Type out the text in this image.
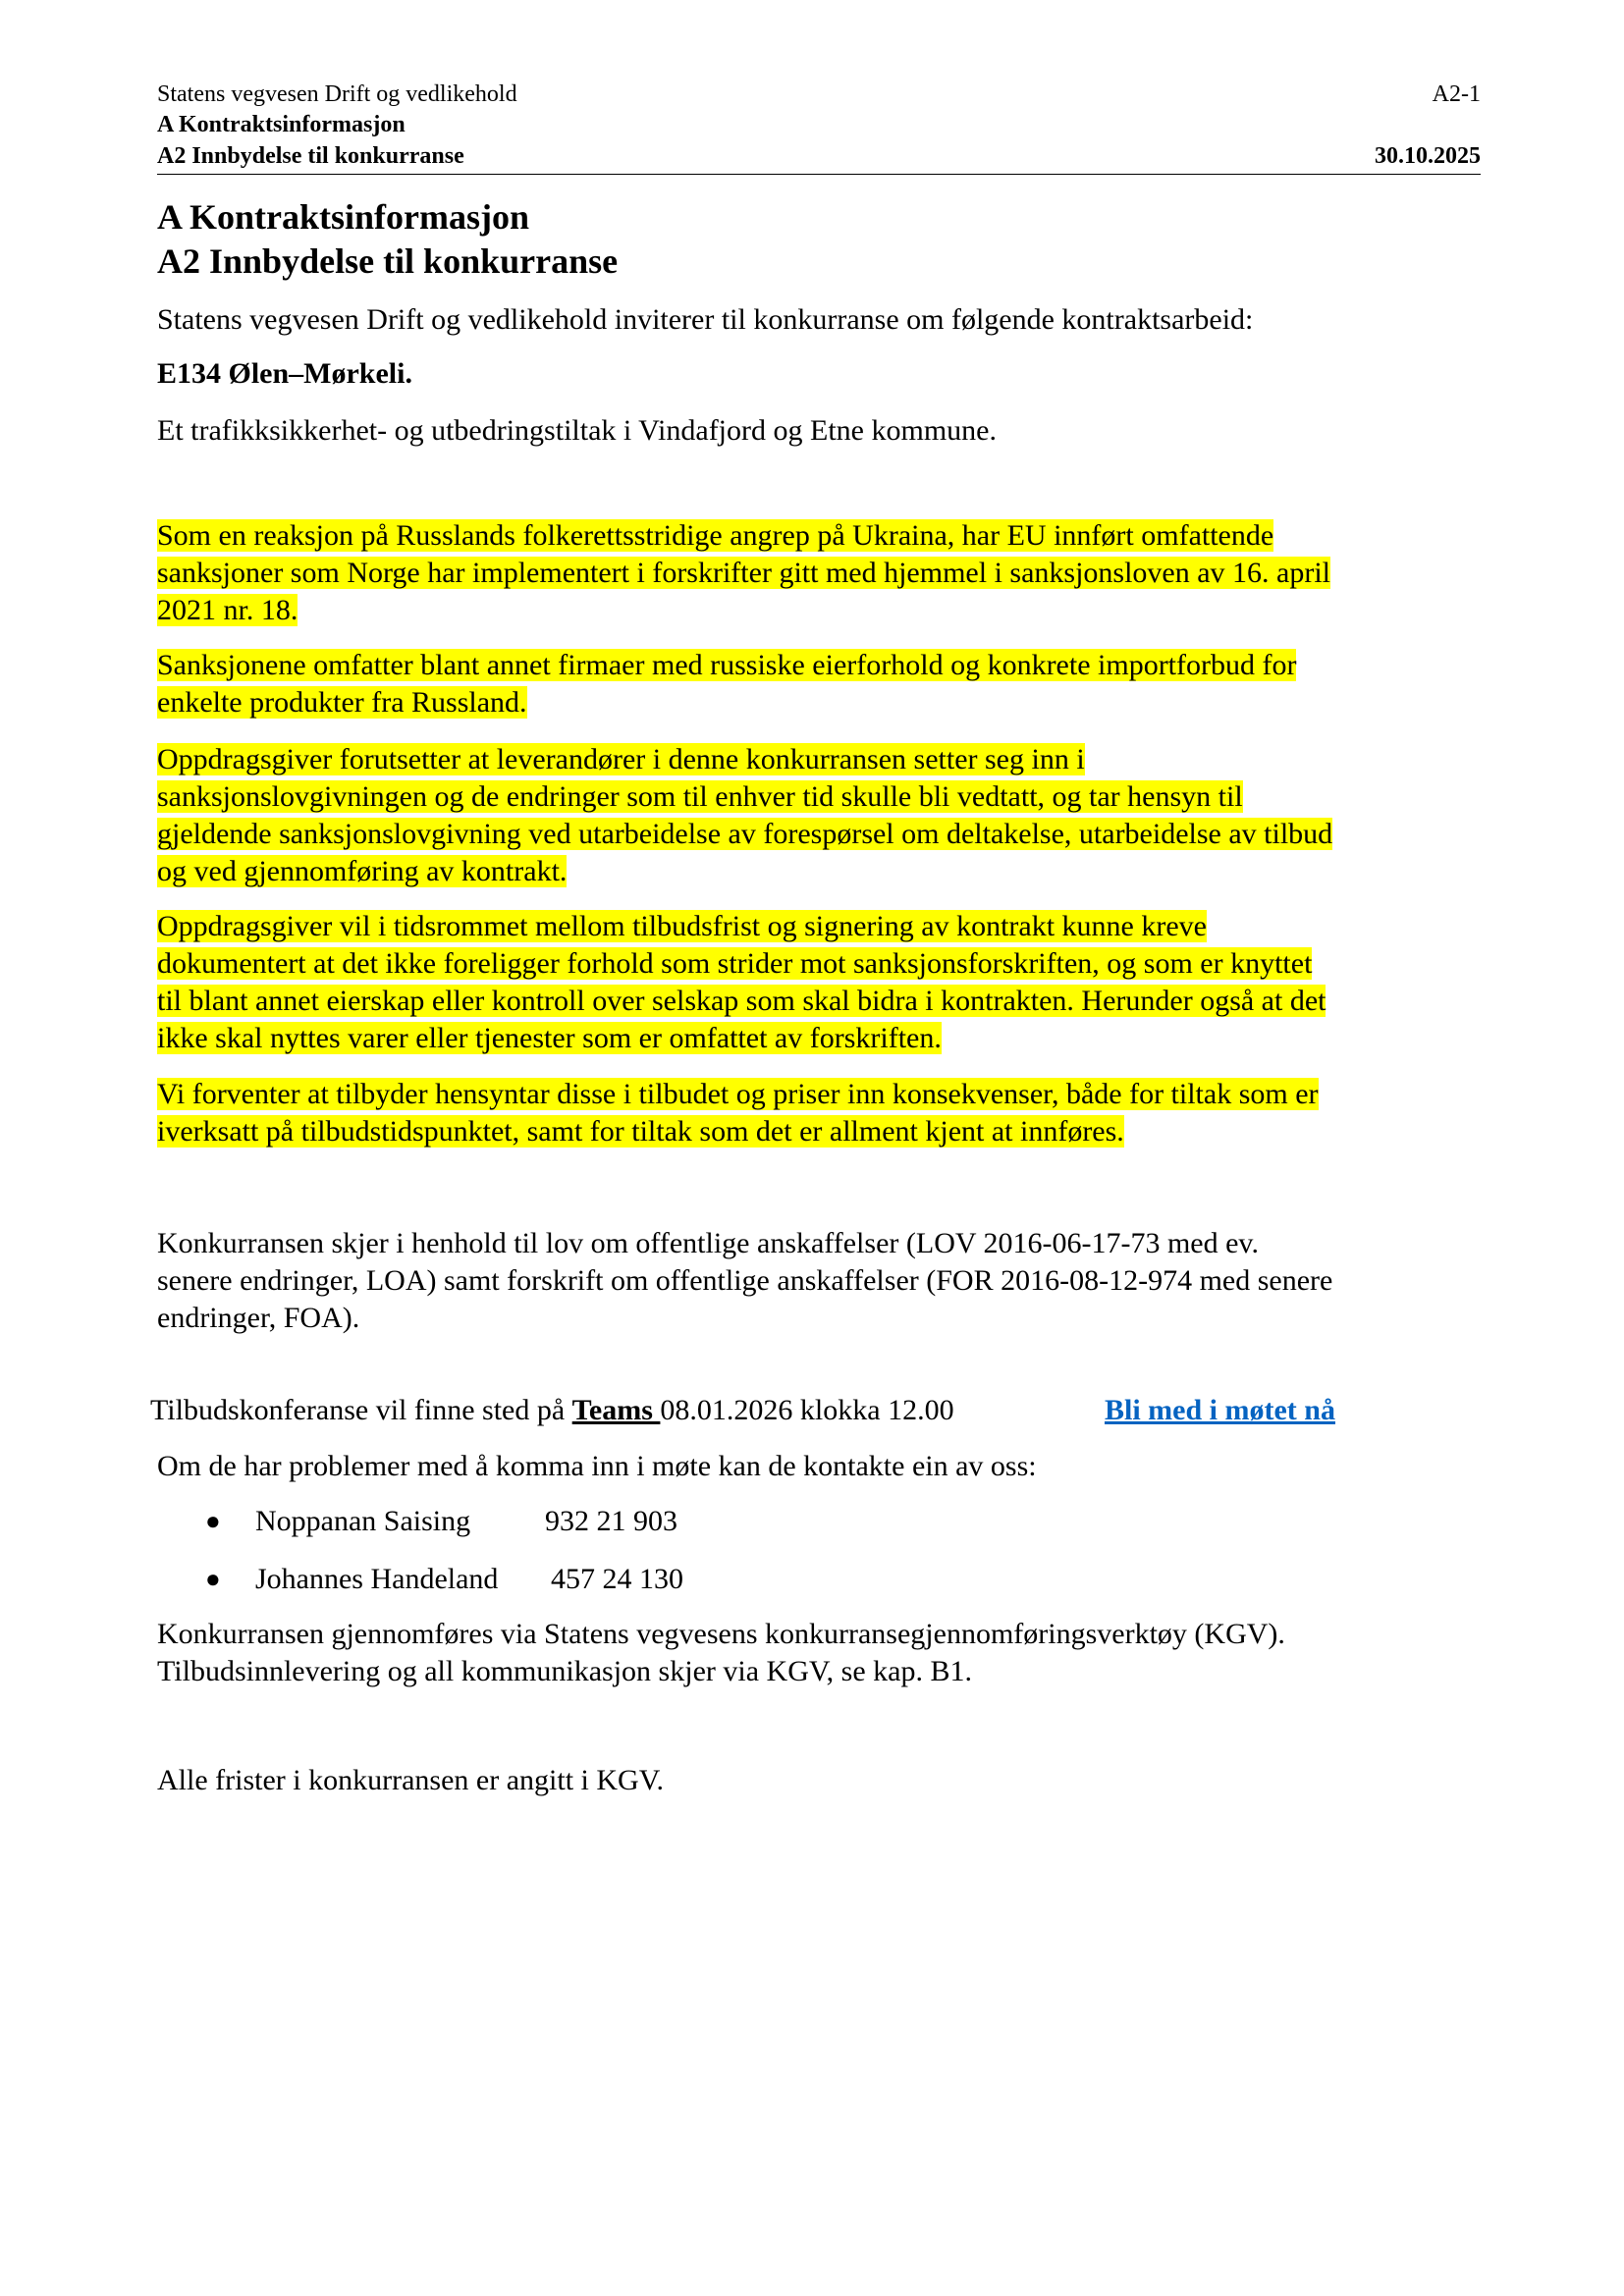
Statens vegvesen Drift og vedlikehold	A2-1
A Kontraktsinformasjon
A2 Innbydelse til konkurranse	30.10.2025
A Kontraktsinformasjon
A2 Innbydelse til konkurranse

Statens vegvesen Drift og vedlikehold inviterer til konkurranse om følgende kontraktsarbeid:

E134 Ølen–Mørkeli.

Et trafikksikkerhet- og utbedringstiltak i Vindafjord og Etne kommune.

Som en reaksjon på Russlands folkerettsstridige angrep på Ukraina, har EU innført omfattende
sanksjoner som Norge har implementert i forskrifter gitt med hjemmel i sanksjonsloven av 16. april
2021 nr. 18.

Sanksjonene omfatter blant annet firmaer med russiske eierforhold og konkrete importforbud for
enkelte produkter fra Russland.

Oppdragsgiver forutsetter at leverandører i denne konkurransen setter seg inn i
sanksjonslovgivningen og de endringer som til enhver tid skulle bli vedtatt, og tar hensyn til
gjeldende sanksjonslovgivning ved utarbeidelse av forespørsel om deltakelse, utarbeidelse av tilbud
og ved gjennomføring av kontrakt.

Oppdragsgiver vil i tidsrommet mellom tilbudsfrist og signering av kontrakt kunne kreve
dokumentert at det ikke foreligger forhold som strider mot sanksjonsforskriften, og som er knyttet
til blant annet eierskap eller kontroll over selskap som skal bidra i kontrakten. Herunder også at det
ikke skal nyttes varer eller tjenester som er omfattet av forskriften.

Vi forventer at tilbyder hensyntar disse i tilbudet og priser inn konsekvenser, både for tiltak som er
iverksatt på tilbudstidspunktet, samt for tiltak som det er allment kjent at innføres.

Konkurransen skjer i henhold til lov om offentlige anskaffelser (LOV 2016-06-17-73 med ev.
senere endringer, LOA) samt forskrift om offentlige anskaffelser (FOR 2016-08-12-974 med senere
endringer, FOA).

Tilbudskonferanse vil finne sted på Teams 08.01.2026 klokka 12.00	Bli med i møtet nå

Om de har problemer med å komma inn i møte kan de kontakte ein av oss:

● Noppanan Saising	932 21 903
● Johannes Handeland 457 24 130

Konkurransen gjennomføres via Statens vegvesens konkurransegjennomføringsverktøy (KGV).
Tilbudsinnlevering og all kommunikasjon skjer via KGV, se kap. B1.

Alle frister i konkurransen er angitt i KGV.
